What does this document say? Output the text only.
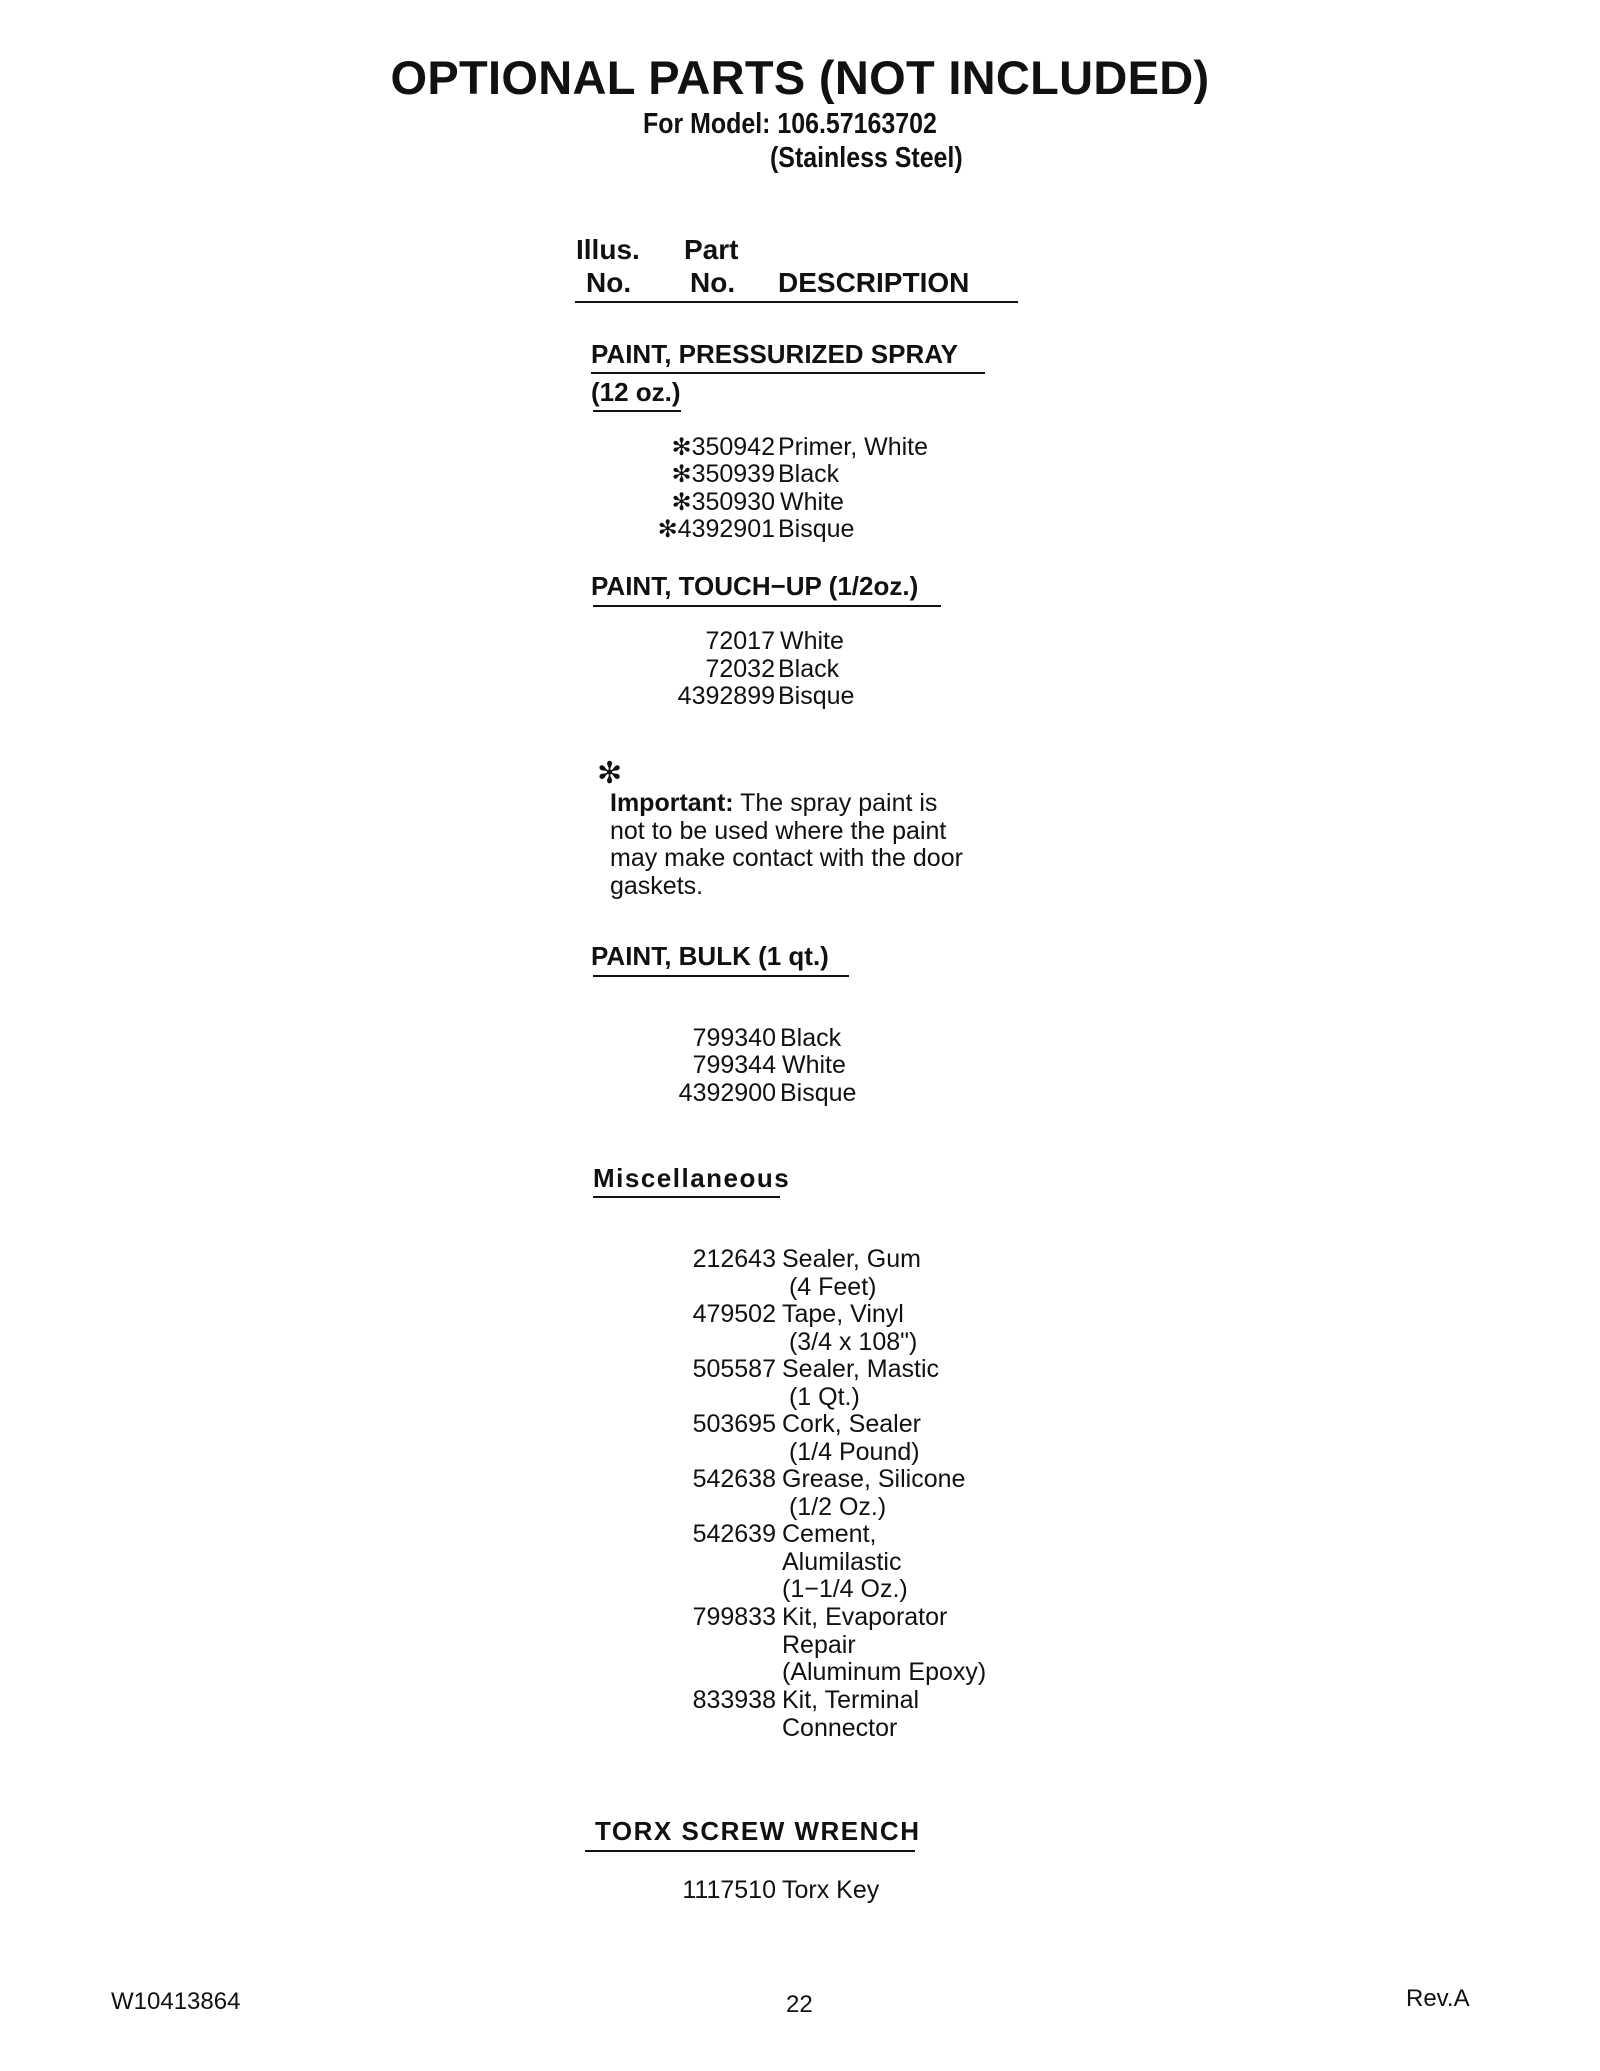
OPTIONAL PARTS (NOT INCLUDED)
For Model: 106.57163702
(Stainless Steel)
Illus.
No.
Part
No. DESCRIPTION
PAINT, PRESSURIZED SPRAY
(12 oz.)
✻350942 Primer, White
✻350939 Black
✻350930 White
✻4392901 Bisque
PAINT, TOUCH−UP (1/2oz.)
72017 White
72032 Black
4392899 Bisque
✻
Important: The spray paint is
not to be used where the paint
may make contact with the door
gaskets.
PAINT, BULK (1 qt.)
799340 Black
799344 White
4392900 Bisque
Miscellaneous
212643 Sealer, Gum
(4 Feet)
479502 Tape, Vinyl
(3/4 x 108")
505587 Sealer, Mastic
(1 Qt.)
503695 Cork, Sealer
(1/4 Pound)
542638 Grease, Silicone
(1/2 Oz.)
542639 Cement,
Alumilastic
(1−1/4 Oz.)
799833 Kit, Evaporator
Repair
(Aluminum Epoxy)
833938 Kit, Terminal
Connector
TORX SCREW WRENCH
1117510 Torx Key
W10413864	22	Rev.A
